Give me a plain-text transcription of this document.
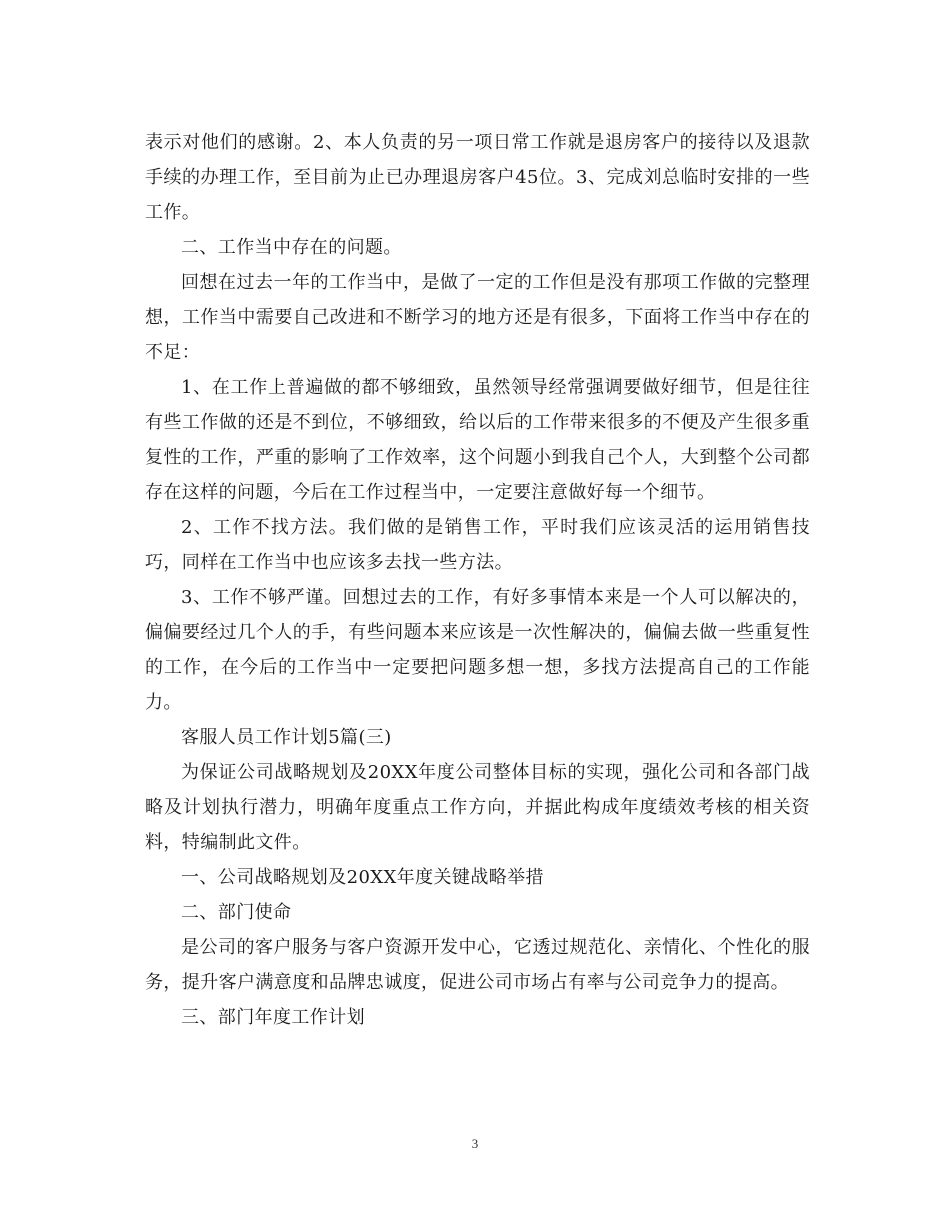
表示对他们的感谢。2、本人负责的另一项日常工作就是退房客户的接待以及退款手续的办理工作，至目前为止已办理退房客户45位。3、完成刘总临时安排的一些工作。

二、工作当中存在的问题。

回想在过去一年的工作当中，是做了一定的工作但是没有那项工作做的完整理想，工作当中需要自己改进和不断学习的地方还是有很多，下面将工作当中存在的不足：

1、在工作上普遍做的都不够细致，虽然领导经常强调要做好细节，但是往往有些工作做的还是不到位，不够细致，给以后的工作带来很多的不便及产生很多重复性的工作，严重的影响了工作效率，这个问题小到我自己个人，大到整个公司都存在这样的问题，今后在工作过程当中，一定要注意做好每一个细节。

2、工作不找方法。我们做的是销售工作，平时我们应该灵活的运用销售技巧，同样在工作当中也应该多去找一些方法。

3、工作不够严谨。回想过去的工作，有好多事情本来是一个人可以解决的，偏偏要经过几个人的手，有些问题本来应该是一次性解决的，偏偏去做一些重复性的工作，在今后的工作当中一定要把问题多想一想，多找方法提高自己的工作能力。

客服人员工作计划5篇(三)

为保证公司战略规划及20XX年度公司整体目标的实现，强化公司和各部门战略及计划执行潜力，明确年度重点工作方向，并据此构成年度绩效考核的相关资料，特编制此文件。

一、公司战略规划及20XX年度关键战略举措

二、部门使命

是公司的客户服务与客户资源开发中心，它透过规范化、亲情化、个性化的服务，提升客户满意度和品牌忠诚度，促进公司市场占有率与公司竞争力的提高。

三、部门年度工作计划

3
